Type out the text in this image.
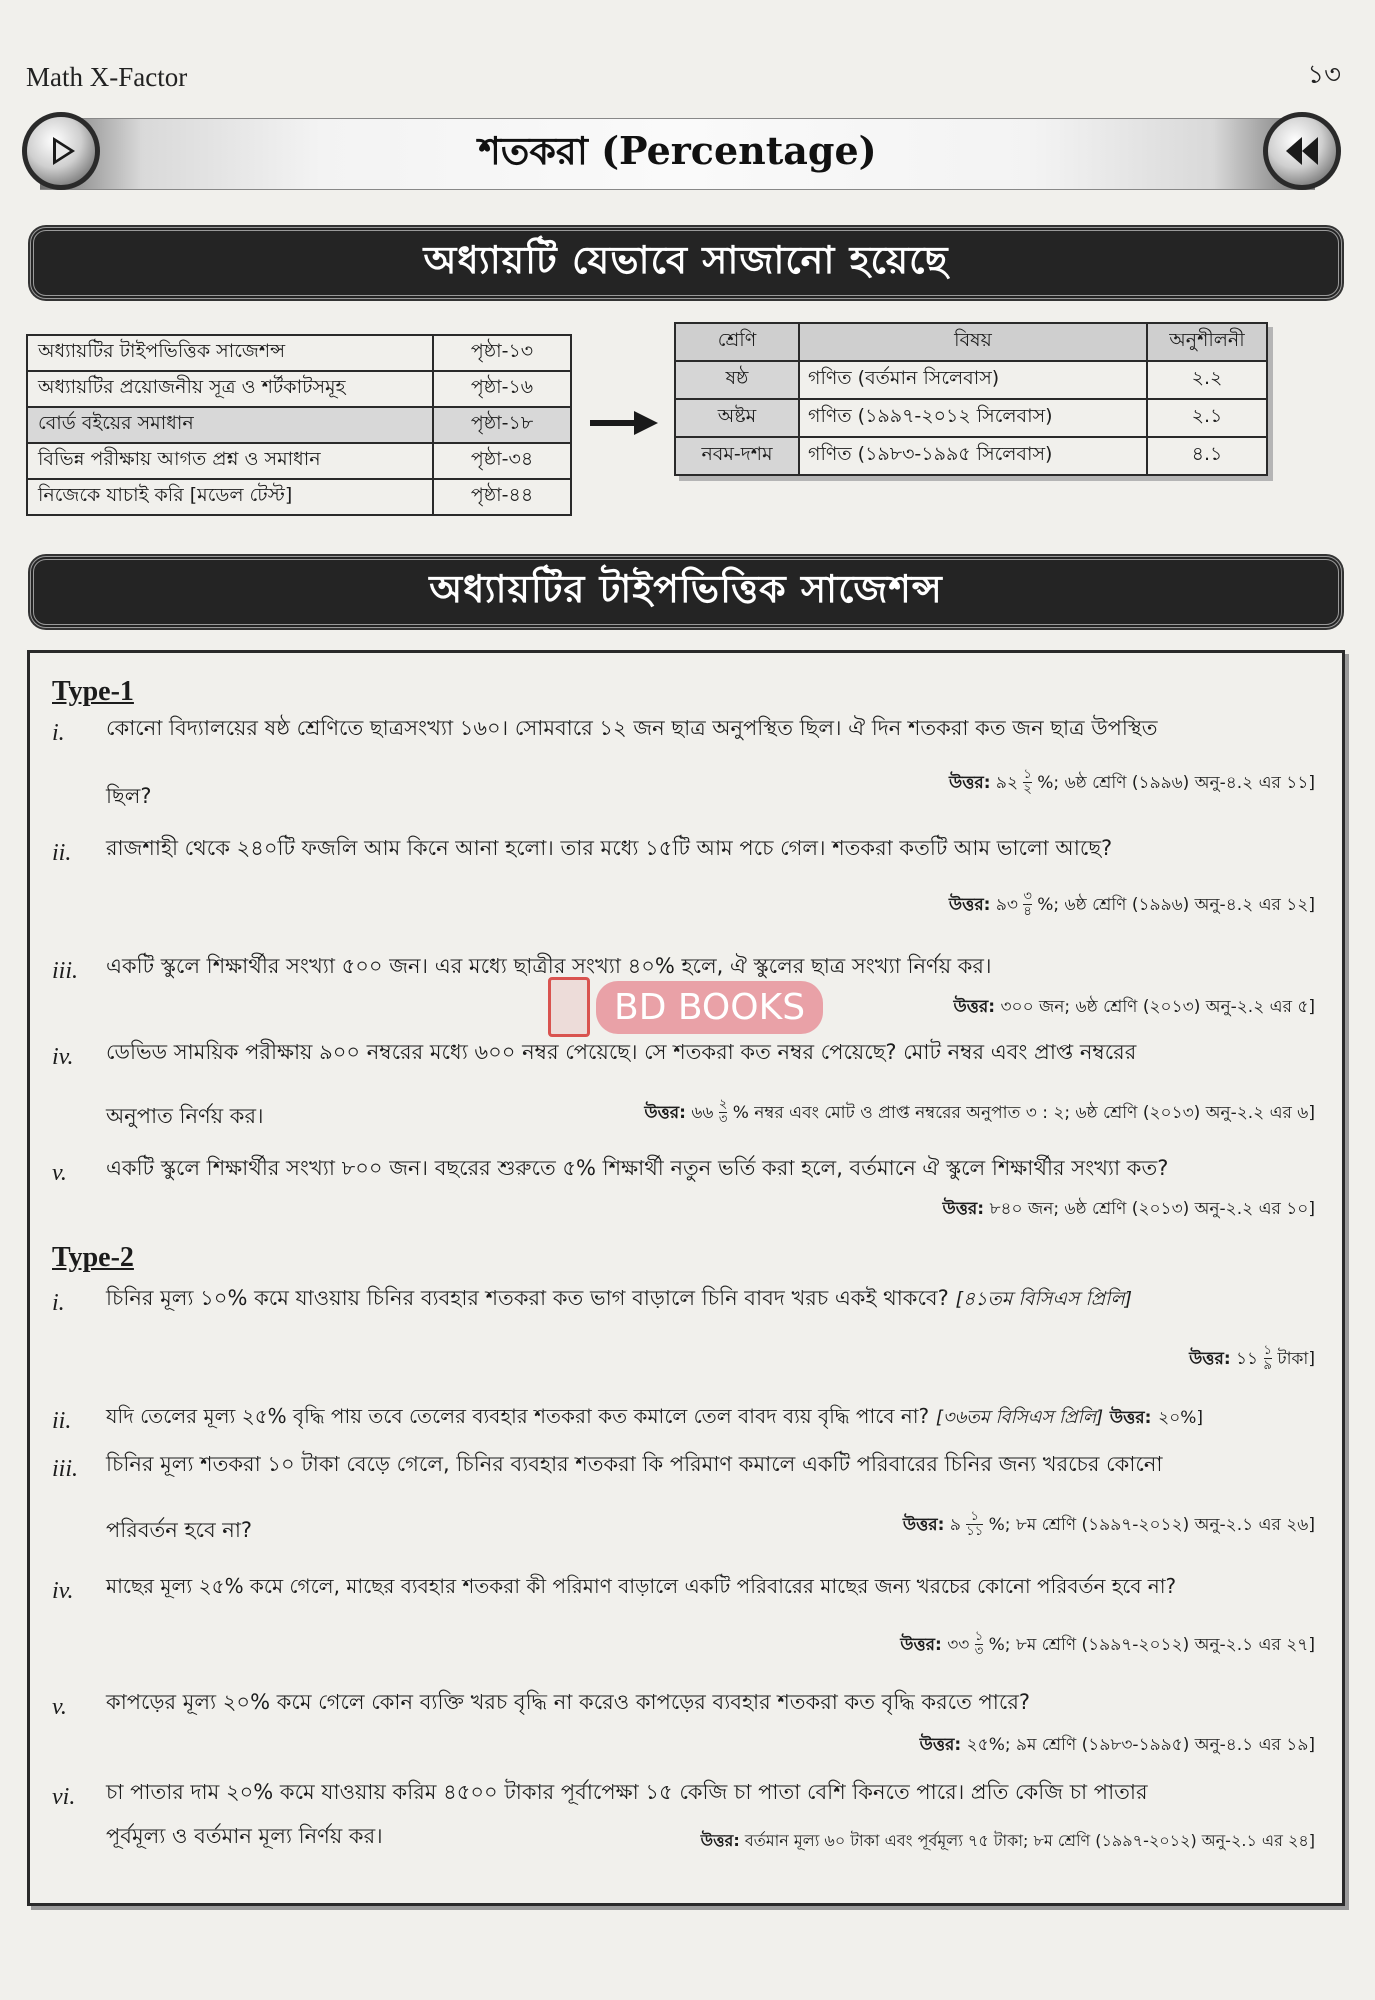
Math X-Factor	১৩
শতকরা (Percentage)
অধ্যায়টি যেভাবে সাজানো হয়েছে
অধ্যায়টির টাইপভিত্তিক সাজেশন্স	পৃষ্ঠা-১৩
অধ্যায়টির প্রয়োজনীয় সূত্র ও শর্টকাটসমূহ	পৃষ্ঠা-১৬
বোর্ড বইয়ের সমাধান	পৃষ্ঠা-১৮
বিভিন্ন পরীক্ষায় আগত প্রশ্ন ও সমাধান	পৃষ্ঠা-৩৪
নিজেকে যাচাই করি [মডেল টেস্ট]	পৃষ্ঠা-৪৪
শ্রেণি	বিষয়	অনুশীলনী
ষষ্ঠ	গণিত (বর্তমান সিলেবাস)	২.২
অষ্টম	গণিত (১৯৯৭-২০১২ সিলেবাস)	২.১
নবম-দশম	গণিত (১৯৮৩-১৯৯৫ সিলেবাস)	৪.১
অধ্যায়টির টাইপভিত্তিক সাজেশন্স
Type-1
i. কোনো বিদ্যালয়ের ষষ্ঠ শ্রেণিতে ছাত্রসংখ্যা ১৬০। সোমবারে ১২ জন ছাত্র অনুপস্থিত ছিল। ঐ দিন শতকরা কত জন ছাত্র উপস্থিত
ছিল?
উত্তর: ৯২ ১
২ %; ৬ষ্ঠ শ্রেণি (১৯৯৬) অনু-৪.২ এর ১১]
ii. রাজশাহী থেকে ২৪০টি ফজলি আম কিনে আনা হলো। তার মধ্যে ১৫টি আম পচে গেল। শতকরা কতটি আম ভালো আছে?
উত্তর: ৯৩ ৩
৪ %; ৬ষ্ঠ শ্রেণি (১৯৯৬) অনু-৪.২ এর ১২]
iii. একটি স্কুলে শিক্ষার্থীর সংখ্যা ৫০০ জন। এর মধ্যে ছাত্রীর সংখ্যা ৪০% হলে, ঐ স্কুলের ছাত্র সংখ্যা নির্ণয় কর।
উত্তর: ৩০০ জন; ৬ষ্ঠ শ্রেণি (২০১৩) অনু-২.২ এর ৫]
iv. ডেভিড সাময়িক পরীক্ষায় ৯০০ নম্বরের মধ্যে ৬০০ নম্বর পেয়েছে। সে শতকরা কত নম্বর পেয়েছে? মোট নম্বর এবং প্রাপ্ত নম্বরের
অনুপাত নির্ণয় কর।	উত্তর: ৬৬ ২
৩ % নম্বর এবং মোট ও প্রাপ্ত নম্বরের অনুপাত ৩ : ২; ৬ষ্ঠ শ্রেণি (২০১৩) অনু-২.২ এর ৬]
v. একটি স্কুলে শিক্ষার্থীর সংখ্যা ৮০০ জন। বছরের শুরুতে ৫% শিক্ষার্থী নতুন ভর্তি করা হলে, বর্তমানে ঐ স্কুলে শিক্ষার্থীর সংখ্যা কত?
উত্তর: ৮৪০ জন; ৬ষ্ঠ শ্রেণি (২০১৩) অনু-২.২ এর ১০]
Type-2
i. চিনির মূল্য ১০% কমে যাওয়ায় চিনির ব্যবহার শতকরা কত ভাগ বাড়ালে চিনি বাবদ খরচ একই থাকবে? [৪১তম বিসিএস প্রিলি]
উত্তর: ১১ ১
৯ টাকা]
ii. যদি তেলের মূল্য ২৫% বৃদ্ধি পায় তবে তেলের ব্যবহার শতকরা কত কমালে তেল বাবদ ব্যয় বৃদ্ধি পাবে না? [৩৬তম বিসিএস প্রিলি] উত্তর: ২০%]
iii. চিনির মূল্য শতকরা ১০ টাকা বেড়ে গেলে, চিনির ব্যবহার শতকরা কি পরিমাণ কমালে একটি পরিবারের চিনির জন্য খরচের কোনো
পরিবর্তন হবে না?	উত্তর: ৯ ১
১১ %; ৮ম শ্রেণি (১৯৯৭-২০১২) অনু-২.১ এর ২৬]
iv. মাছের মূল্য ২৫% কমে গেলে, মাছের ব্যবহার শতকরা কী পরিমাণ বাড়ালে একটি পরিবারের মাছের জন্য খরচের কোনো পরিবর্তন হবে না?
উত্তর: ৩৩ ১
৩ %; ৮ম শ্রেণি (১৯৯৭-২০১২) অনু-২.১ এর ২৭]
v. কাপড়ের মূল্য ২০% কমে গেলে কোন ব্যক্তি খরচ বৃদ্ধি না করেও কাপড়ের ব্যবহার শতকরা কত বৃদ্ধি করতে পারে?
উত্তর: ২৫%; ৯ম শ্রেণি (১৯৮৩-১৯৯৫) অনু-৪.১ এর ১৯]
vi. চা পাতার দাম ২০% কমে যাওয়ায় করিম ৪৫০০ টাকার পূর্বাপেক্ষা ১৫ কেজি চা পাতা বেশি কিনতে পারে। প্রতি কেজি চা পাতার
পূর্বমূল্য ও বর্তমান মূল্য নির্ণয় কর।	উত্তর: বর্তমান মূল্য ৬০ টাকা এবং পূর্বমূল্য ৭৫ টাকা; ৮ম শ্রেণি (১৯৯৭-২০১২) অনু-২.১ এর ২৪]
BD BOOKS
